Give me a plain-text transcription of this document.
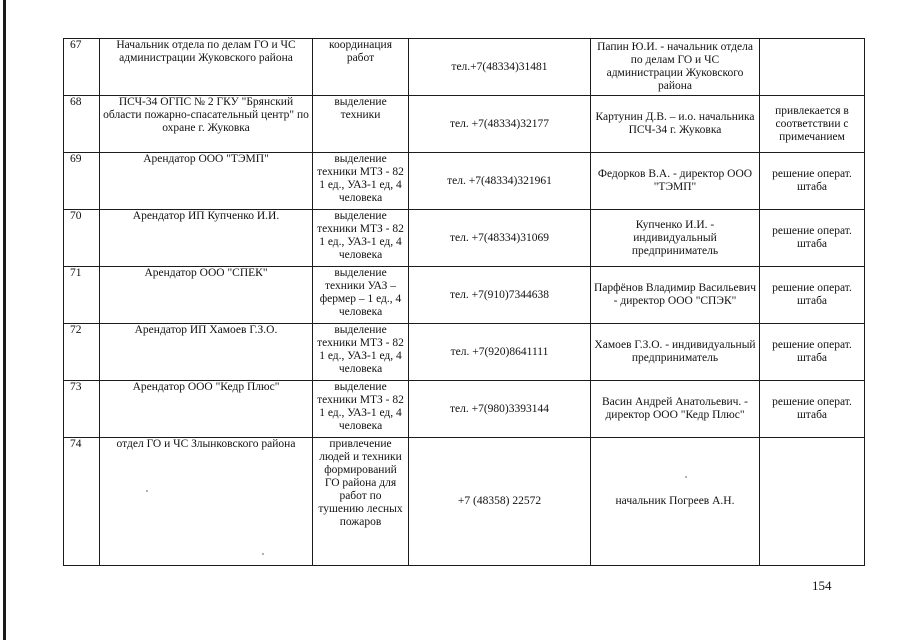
67	Начальник отдела по делам ГО и ЧС администрации Жуковского района	координация работ	тел.+7(48334)31481	Папин Ю.И. - начальник отдела по делам ГО и ЧС администрации Жуковского района	
68	ПСЧ-34 ОГПС № 2 ГКУ "Брянский области пожарно-спасательный центр" по охране г. Жуковка	выделение техники	тел. +7(48334)32177	Картунин Д.В. – и.о. начальника ПСЧ-34 г. Жуковка	привлекается в соответствии с примечанием
69	Арендатор ООО "ТЭМП"	выделение техники МТЗ - 82 1 ед., УАЗ-1 ед, 4 человека	тел. +7(48334)321961	Федорков В.А. - директор ООО "ТЭМП"	решение операт. штаба
70	Арендатор ИП Купченко И.И.	выделение техники МТЗ - 82 1 ед., УАЗ-1 ед, 4 человека	тел. +7(48334)31069	Купченко И.И. - индивидуальный предприниматель	решение операт. штаба
71	Арендатор ООО "СПЕК"	выделение техники УАЗ – фермер – 1 ед., 4 человека	тел. +7(910)7344638	Парфёнов Владимир Васильевич - директор ООО "СПЭК"	решение операт. штаба
72	Арендатор ИП Хамоев Г.З.О.	выделение техники МТЗ - 82 1 ед., УАЗ-1 ед, 4 человека	тел. +7(920)8641111	Хамоев Г.З.О. - индивидуальный предприниматель	решение операт. штаба
73	Арендатор ООО "Кедр Плюс"	выделение техники МТЗ - 82 1 ед., УАЗ-1 ед, 4 человека	тел. +7(980)3393144	Васин Андрей Анатольевич. - директор ООО "Кедр Плюс"	решение операт. штаба
74	отдел ГО и ЧС Злынковского района	привлечение людей и техники формирований ГО района для работ по тушению лесных пожаров	+7 (48358) 22572	начальник Погреев А.Н.	
154
